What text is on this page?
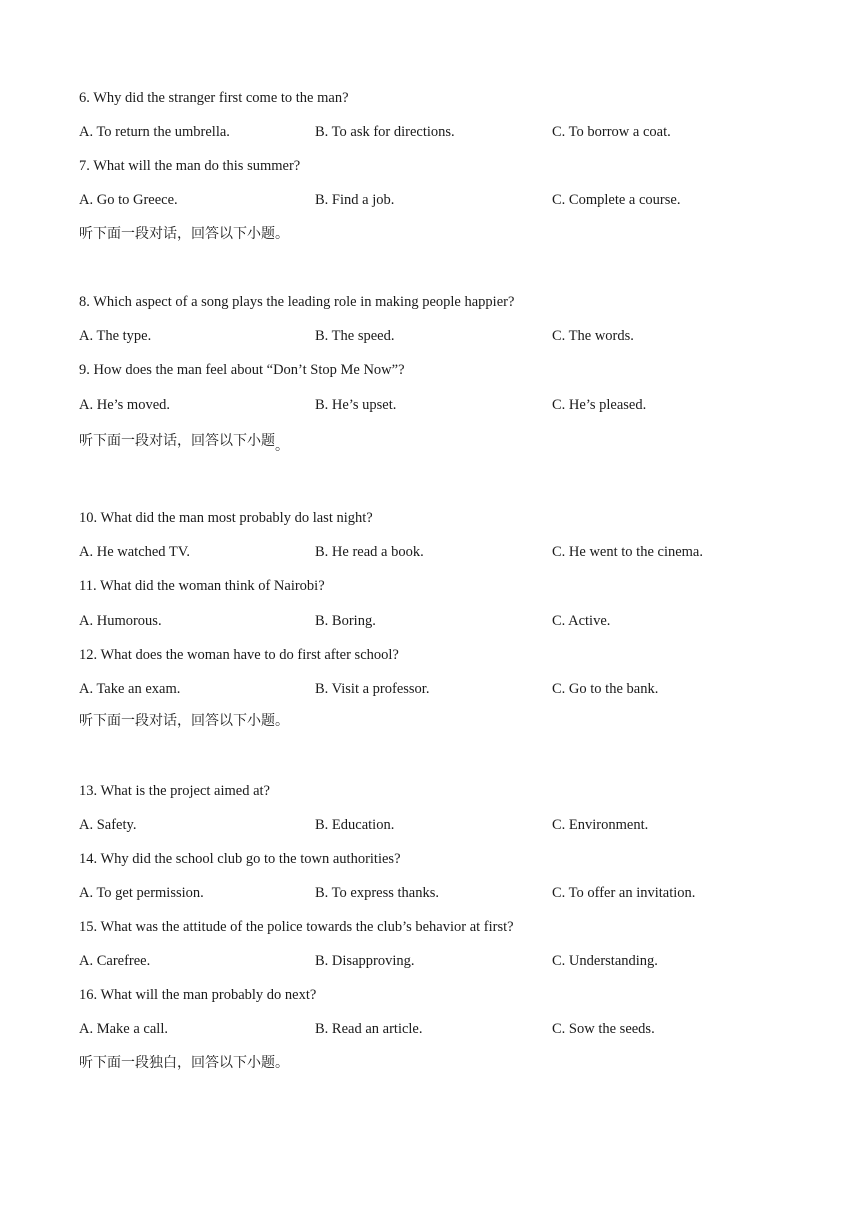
6. Why did the stranger first come to the man?
A. To return the umbrella.	B. To ask for directions.	C. To borrow a coat.
7. What will the man do this summer?
A. Go to Greece.	B. Find a job.	C. Complete a course.
听下面一段对话，回答以下小题。
8. Which aspect of a song plays the leading role in making people happier?
A. The type.	B. The speed.	C. The words.
9. How does the man feel about “Don’t Stop Me Now”?
A. He’s moved.	B. He’s upset.	C. He’s pleased.
听下面一段对话，回答以下小题。
10. What did the man most probably do last night?
A. He watched TV.	B. He read a book.	C. He went to the cinema.
11. What did the woman think of Nairobi?
A. Humorous.	B. Boring.	C. Active.
12. What does the woman have to do first after school?
A. Take an exam.	B. Visit a professor.	C. Go to the bank.
听下面一段对话，回答以下小题。
13. What is the project aimed at?
A. Safety.	B. Education.	C. Environment.
14. Why did the school club go to the town authorities?
A. To get permission.	B. To express thanks.	C. To offer an invitation.
15. What was the attitude of the police towards the club’s behavior at first?
A. Carefree.	B. Disapproving.	C. Understanding.
16. What will the man probably do next?
A. Make a call.	B. Read an article.	C. Sow the seeds.
听下面一段独白，回答以下小题。
